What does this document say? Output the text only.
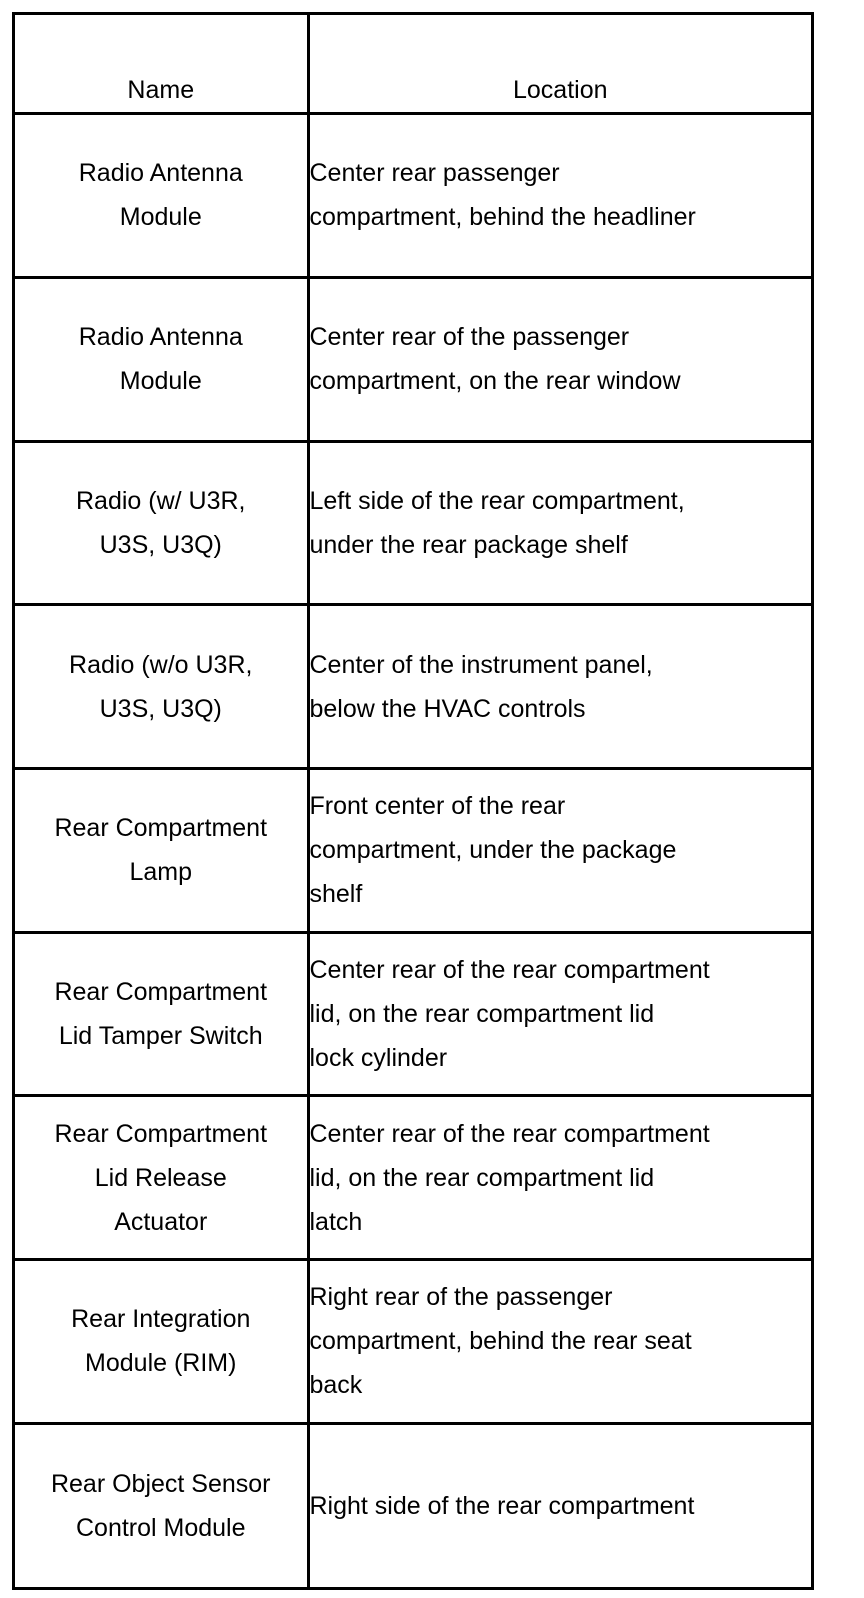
Name	Location

Radio Antenna
Module	Center rear passenger
compartment, behind the headliner

Radio Antenna
Module	Center rear of the passenger
compartment, on the rear window

Radio (w/ U3R,
U3S, U3Q)	Left side of the rear compartment,
under the rear package shelf

Radio (w/o U3R,
U3S, U3Q)	Center of the instrument panel,
below the HVAC controls

Rear Compartment
Lamp	Front center of the rear
compartment, under the package
shelf

Rear Compartment
Lid Tamper Switch	Center rear of the rear compartment
lid, on the rear compartment lid
lock cylinder

Rear Compartment
Lid Release
Actuator	Center rear of the rear compartment
lid, on the rear compartment lid
latch

Rear Integration
Module (RIM)	Right rear of the passenger
compartment, behind the rear seat
back

Rear Object Sensor
Control Module	Right side of the rear compartment
